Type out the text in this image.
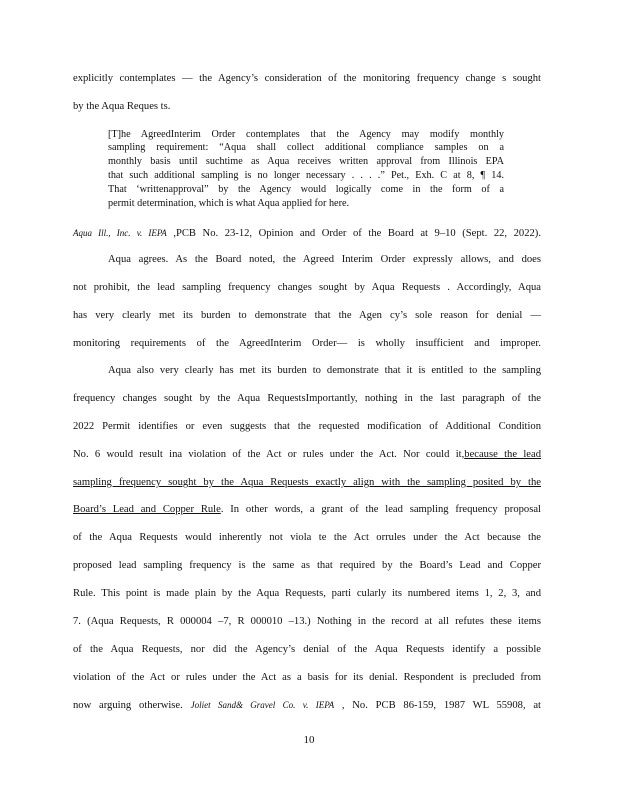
explicitly contemplates — the Agency’s consideration of the monitoring frequency change s sought
by the Aqua Reques ts.
[T]he AgreedInterim Order contemplates that the Agency may modify monthly
sampling requirement: “Aqua shall collect additional compliance samples on a
monthly basis until suchtime as Aqua receives written approval from Illinois EPA
that such additional sampling is no longer necessary . . . .” Pet., Exh. C at 8, ¶ 14.
That ‘writtenapproval” by the Agency would logically come in the form of a
permit determination, which is what Aqua applied for here.
Aqua Ill., Inc. v. IEPA ,PCB No. 23-12, Opinion and Order of the Board at 9–10 (Sept. 22, 2022).
Aqua agrees. As the Board noted, the Agreed Interim Order expressly allows, and does
not prohibit, the lead sampling frequency changes sought by Aqua Requests . Accordingly, Aqua
has very clearly met its burden to demonstrate that the Agen cy’s sole reason for denial —
monitoring requirements of the AgreedInterim Order— is wholly insufficient and improper.
Aqua also very clearly has met its burden to demonstrate that it is entitled to the sampling
frequency changes sought by the Aqua RequestsImportantly, nothing in the last paragraph of the
2022 Permit identifies or even suggests that the requested modification of Additional Condition
No. 6 would result ina violation of the Act or rules under the Act. Nor could it,because the lead
sampling frequency sought by the Aqua Requests exactly align with the sampling posited by the
Board’s Lead and Copper Rule. In other words, a grant of the lead sampling frequency proposal
of the Aqua Requests would inherently not viola te the Act orrules under the Act because the
proposed lead sampling frequency is the same as that required by the Board’s Lead and Copper
Rule. This point is made plain by the Aqua Requests, parti cularly its numbered items 1, 2, 3, and
7. (Aqua Requests, R 000004 –7, R 000010 –13.) Nothing in the record at all refutes these items
of the Aqua Requests, nor did the Agency’s denial of the Aqua Requests identify a possible
violation of the Act or rules under the Act as a basis for its denial. Respondent is precluded from
now arguing otherwise. Joliet Sand& Gravel Co. v. IEPA , No. PCB 86-159, 1987 WL 55908, at
10
